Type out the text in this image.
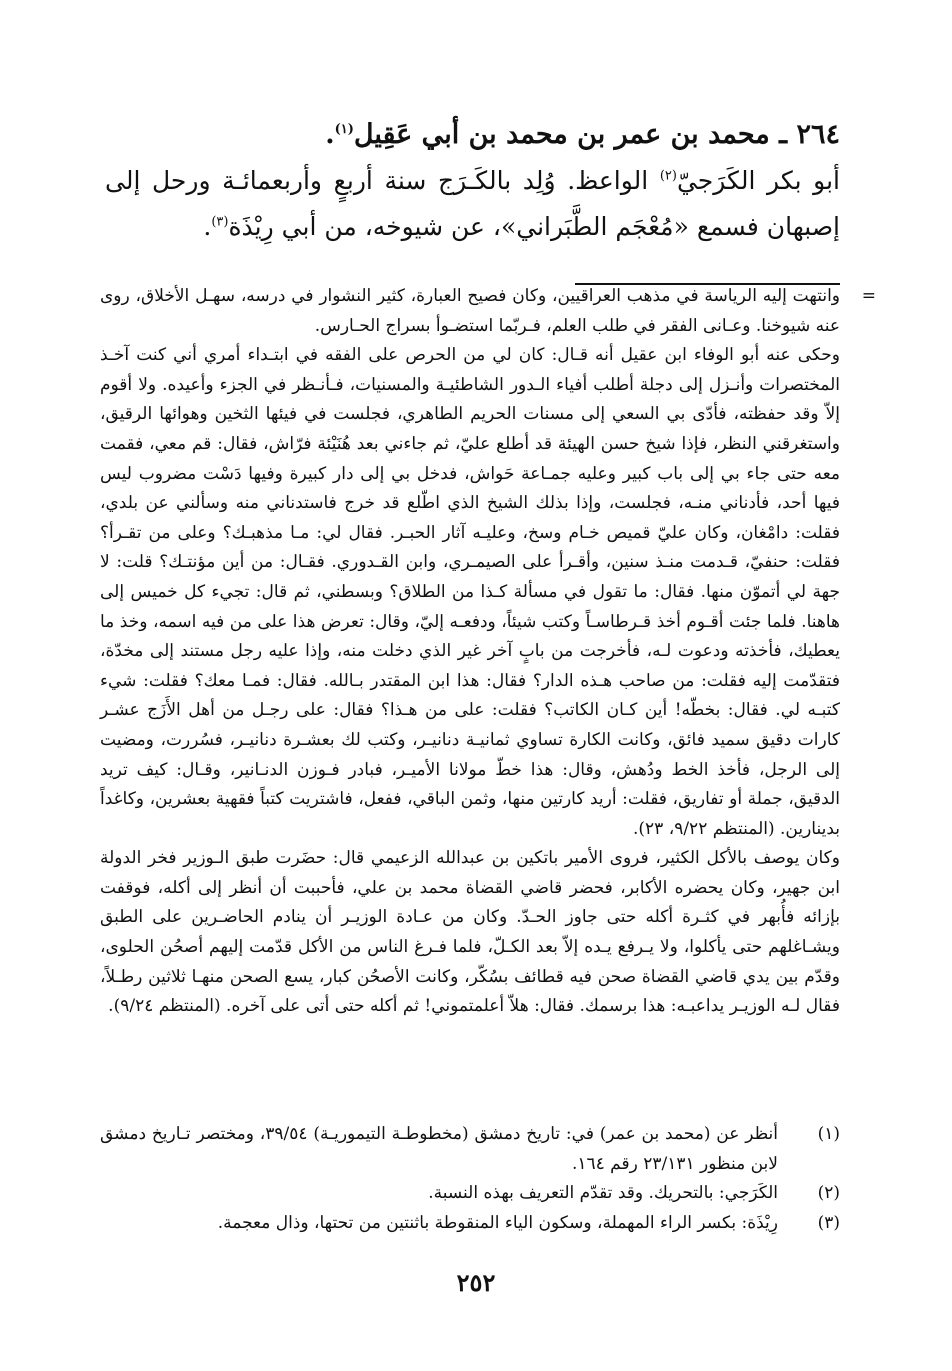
٢٦٤ ـ محمد بن عمر بن محمد بن أبي عَقِيل$^{(١)}$.

أبو بكر الكَرَجيّ$^{(٢)}$ الواعظ. وُلِد بالكَـرَج سنة أربعٍ وأربعمائـة ورحل إلى إصبهان فسمع «مُعْجَم الطَّبَراني»، عن شيوخه، من أبي رِيْذَة$^{(٣)}$.

=

وانتهت إليه الرياسة في مذهب العراقيين، وكان فصيح العبارة، كثير النشوار في درسه، سهـل الأخلاق، روى عنه شيوخنا. وعـانى الفقر في طلب العلم، فـربّما استضـوأ بسراج الحـارس.

وحكى عنه أبو الوفاء ابن عقيل أنه قـال: كان لي من الحرص على الفقه في ابتـداء أمري أني كنت آخـذ المختصرات وأنـزل إلى دجلة أطلب أفياء الـدور الشاطئيـة والمسنيات، فـأنـظر في الجزء وأعيده. ولا أقوم إلاّ وقد حفظته، فأدّى بي السعي إلى مسنات الحريم الطاهري، فجلست في فيئها الثخين وهوائها الرقيق، واستغرقني النظر، فإذا شيخ حسن الهيئة قد أطلع عليّ، ثم جاءني بعد هُنَيْئة فرّاش، فقال: قم معي، فقمت معه حتى جاء بي إلى باب كبير وعليه جمـاعة حَواش، فدخل بي إلى دار كبيرة وفيها دَسْت مضروب ليس فيها أحد، فأدناني منـه، فجلست، وإذا بذلك الشيخ الذي اطّلع قد خرج فاستدناني منه وسألني عن بلدي، فقلت: دامْغان، وكان عليّ قميص خـام وسخ، وعليـه آثار الحبـر. فقال لي: مـا مذهبـك؟ وعلى من تقـرأ؟ فقلت: حنفيّ، قـدمت منـذ سنين، وأقـرأ على الصيمـري، وابن القـدوري. فقـال: من أين مؤنتـك؟ قلت: لا جهة لي أتموّن منها. فقال: ما تقول في مسألة كـذا من الطلاق؟ وبسطني، ثم قال: تجيء كل خميس إلى هاهنا. فلما جئت أقـوم أخذ قـرطاسـاً وكتب شيئاً، ودفعـه إليّ، وقال: تعرض هذا على من فيه اسمه، وخذ ما يعطيك، فأخذته ودعوت لـه، فأخرجت من بابٍ آخر غير الذي دخلت منه، وإذا عليه رجل مستند إلى مخدّة، فتقدّمت إليه فقلت: من صاحب هـذه الدار؟ فقال: هذا ابن المقتدر بـالله. فقال: فمـا معك؟ فقلت: شيء كتبـه لي. فقال: بخطّه! أين كـان الكاتب؟ فقلت: على من هـذا؟ فقال: على رجـل من أهل الأَزَج عشـر كارات دقيق سميد فائق، وكانت الكارة تساوي ثمانيـة دنانيـر، وكتب لك بعشـرة دنانيـر، فسُررت، ومضيت إلى الرجل، فأخذ الخط ودُهش، وقال: هذا خطّ مولانا الأميـر، فبادر فـوزن الدنـانير، وقـال: كيف تريد الدقيق، جملة أو تفاريق، فقلت: أريد كارتين منها، وثمن الباقي، ففعل، فاشتريت كتباً فقهية بعشرين، وكاغداً بدينارين. (المنتظم ٩/٢٢، ٢٣).

وكان يوصف بالأكل الكثير، فروى الأمير باتكين بن عبدالله الزعيمي قال: حضَرت طبق الـوزير فخر الدولة ابن جهير، وكان يحضره الأكابر، فحضر قاضي القضاة محمد بن علي، فأحببت أن أنظر إلى أكله، فوقفت بإزائه فأُبهر في كثـرة أكله حتى جاوز الحـدّ. وكان من عـادة الوزيـر أن ينادم الحاضـرين على الطبق ويشـاغلهم حتى يأكلوا، ولا يـرفع يـده إلاّ بعد الكـلّ، فلما فـرغ الناس من الأكل قدّمت إليهم أصحُن الحلوى، وقدّم بين يدي قاضي القضاة صحن فيه قطائف بسُكّر، وكانت الأصحُن كبار، يسع الصحن منهـا ثلاثين رطـلاً، فقال لـه الوزيـر يداعبـه: هذا برسمك. فقال: هلاّ أعلمتموني! ثم أكله حتى أتى على آخره. (المنتظم ٩/٢٤).

(١)
أنظر عن (محمد بن عمر) في: تاريخ دمشق (مخطوطـة التيموريـة) ٣٩/٥٤، ومختصر تـاريخ دمشق لابن منظور ٢٣/١٣١ رقم ١٦٤.
(٢)
الكَرَجي: بالتحريك. وقد تقدّم التعريف بهذه النسبة.
(٣)
رِيْذَة: بكسر الراء المهملة، وسكون الياء المنقوطة باثنتين من تحتها، وذال معجمة.
٢٥٢
